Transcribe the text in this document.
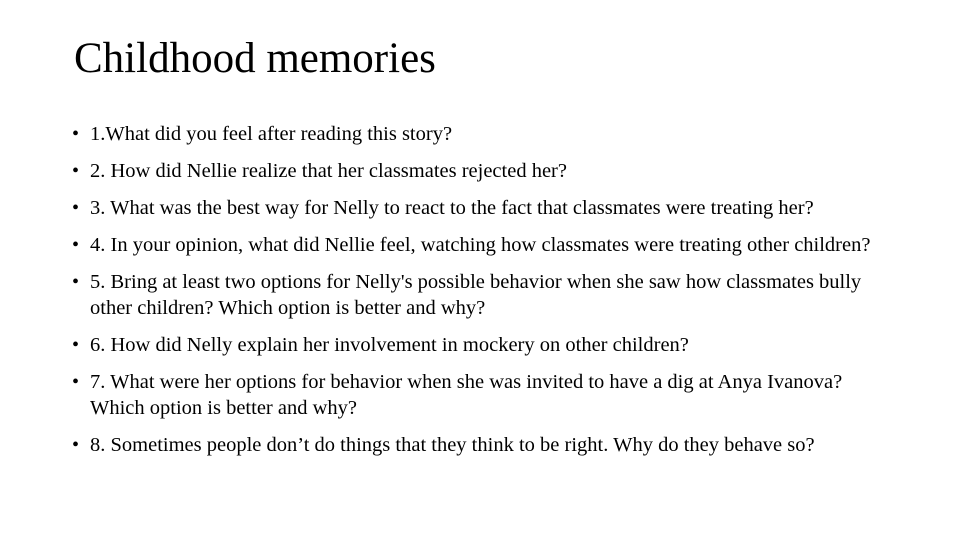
Childhood memories
• 1.What did you feel after reading this story?
• 2. How did Nellie realize that her classmates rejected her?
• 3. What was the best way for Nelly to react to the fact that classmates were treating her?
• 4. In your opinion, what did Nellie feel, watching how classmates were treating other children?
• 5. Bring at least two options for Nelly's possible behavior when she saw how classmates bully other children? Which option is better and why?
• 6. How did Nelly explain her involvement in mockery on other children?
• 7. What were her options for behavior when she was invited to have a dig at Anya Ivanova? Which option is better and why?
• 8. Sometimes people don’t do things that they think to be right. Why do they behave so?
